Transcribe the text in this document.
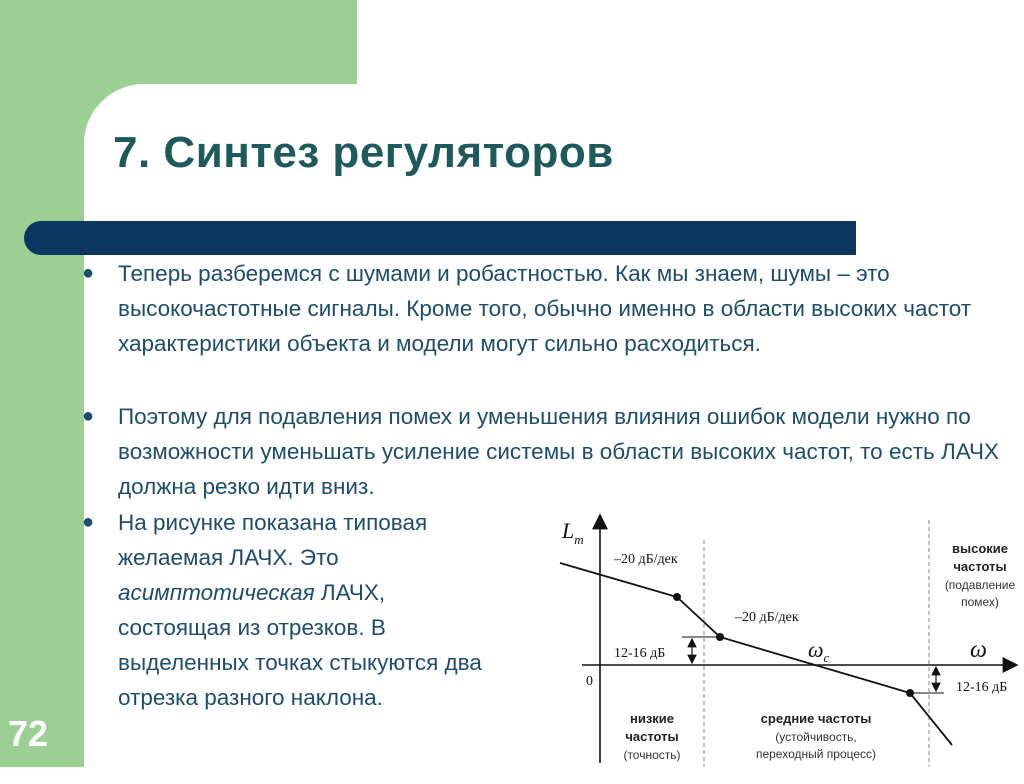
7. Синтез регуляторов
● Теперь разберемся с шумами и робастностью. Как мы знаем, шумы – это высокочастотные сигналы. Кроме того, обычно именно в области высоких частот характеристики объекта и модели могут сильно расходиться.

● Поэтому для подавления помех и уменьшения влияния ошибок модели нужно по возможности уменьшать усиление системы в области высоких частот, то есть ЛАЧХ должна резко идти вниз.

● На рисунке показана типовая
желаемая ЛАЧХ. Это
асимптотическая ЛАЧХ,
состоящая из отрезков. В
выделенных точках стыкуются два
отрезка разного наклона.

72
$L_m$
ω
0
–20 дБ/дек
–20 дБ/дек
$\omega_c$
12-16 дБ
12-16 дБ
низкие
частоты
(точность)
средние частоты
(устойчивость,
переходный процесс)
высокие
частоты
(подавление
помех)
